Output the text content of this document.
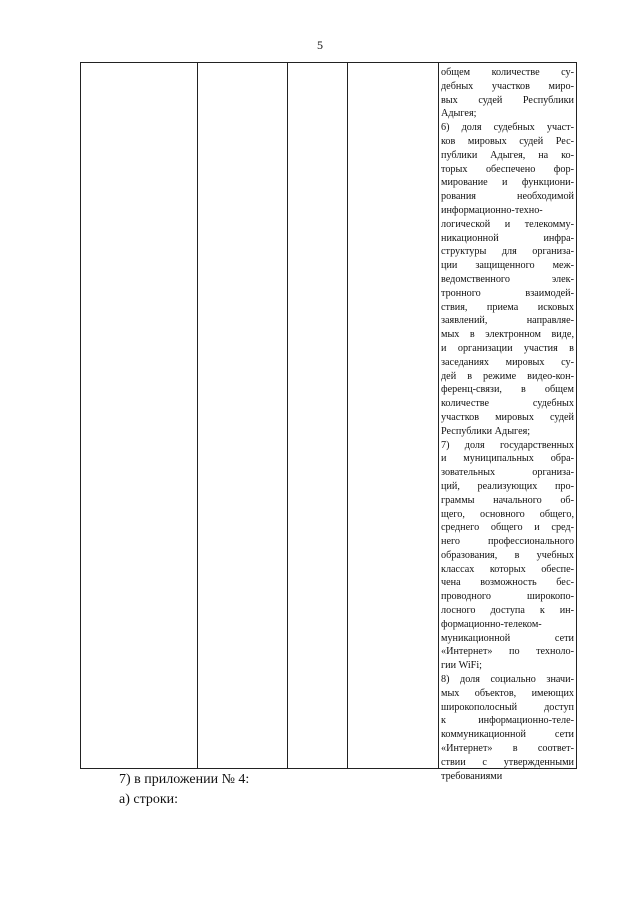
5
общем количестве су-
дебных участков миро-
вых судей Республики
Адыгея;
6) доля судебных участ-
ков мировых судей Рес-
публики Адыгея, на ко-
торых обеспечено фор-
мирование и функциони-
рования необходимой
информационно-техно-
логической и телекомму-
никационной инфра-
структуры для организа-
ции защищенного меж-
ведомственного элек-
тронного взаимодей-
ствия, приема исковых
заявлений, направляе-
мых в электронном виде,
и организации участия в
заседаниях мировых су-
дей в режиме видео-кон-
ференц-связи, в общем
количестве судебных
участков мировых судей
Республики Адыгея;
7) доля государственных
и муниципальных обра-
зовательных организа-
ций, реализующих про-
граммы начального об-
щего, основного общего,
среднего общего и сред-
него профессионального
образования, в учебных
классах которых обеспе-
чена возможность бес-
проводного широкопо-
лосного доступа к ин-
формационно-телеком-
муникационной сети
«Интернет» по техноло-
гии WiFi;
8) доля социально значи-
мых объектов, имеющих
широкополосный доступ
к информационно-теле-
коммуникационной сети
«Интернет» в соответ-
ствии с утвержденными
требованиями
7) в приложении № 4:
а) строки:
